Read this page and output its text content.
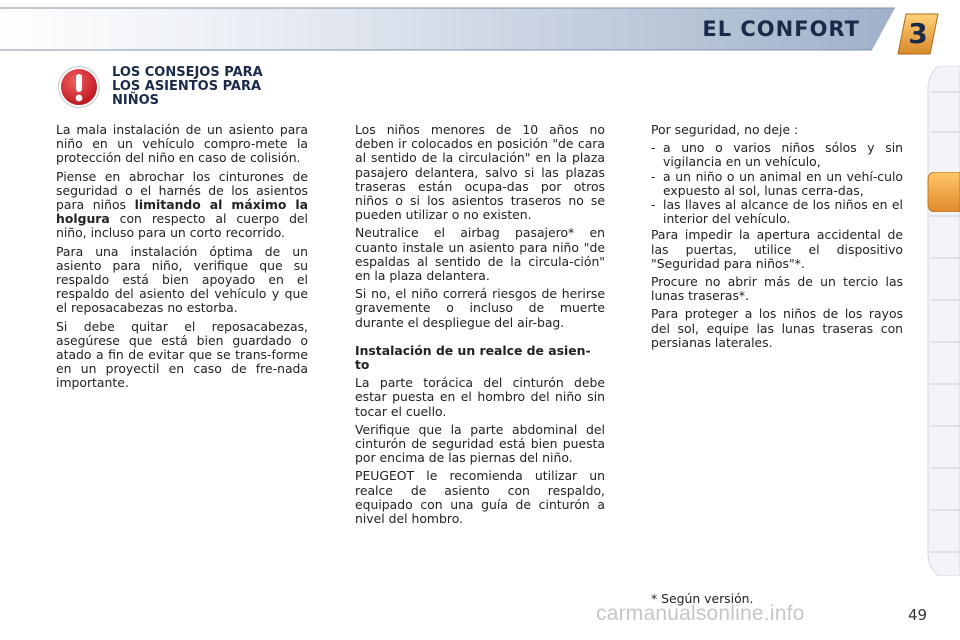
EL CONFORT	3
LOS CONSEJOS PARA
LOS ASIENTOS PARA
NIÑOS

La mala instalación de un asiento para niño en un vehículo compro-mete la protección del niño en caso de colisión.

Piense en abrochar los cinturones de seguridad o el harnés de los asientos para niños limitando al máximo la holgura con respecto al cuerpo del niño, incluso para un corto recorrido.

Para una instalación óptima de un asiento para niño, verifique que su respaldo está bien apoyado en el respaldo del asiento del vehículo y que el reposacabezas no estorba.

Si debe quitar el reposacabezas, asegúrese que está bien guardado o atado a fin de evitar que se trans-forme en un proyectil en caso de fre-nada importante.

Los niños menores de 10 años no deben ir colocados en posición "de cara al sentido de la circulación" en la plaza pasajero delantera, salvo si las plazas traseras están ocupa-das por otros niños o si los asientos traseros no se pueden utilizar o no existen.

Neutralice el airbag pasajero* en cuanto instale un asiento para niño "de espaldas al sentido de la circula-ción" en la plaza delantera.

Si no, el niño correrá riesgos de herirse gravemente o incluso de muerte durante el despliegue del air-bag.

Instalación de un realce de asien-to

La parte torácica del cinturón debe estar puesta en el hombro del niño sin tocar el cuello.

Verifique que la parte abdominal del cinturón de seguridad está bien puesta por encima de las piernas del niño.

PEUGEOT le recomienda utilizar un realce de asiento con respaldo, equipado con una guía de cinturón a nivel del hombro.

Por seguridad, no deje :

- a uno o varios niños sólos y sin vigilancia en un vehículo,

- a un niño o un animal en un vehí-culo expuesto al sol, lunas cerra-das,

- las llaves al alcance de los niños en el interior del vehículo.

Para impedir la apertura accidental de las puertas, utilice el dispositivo "Seguridad para niños"*.

Procure no abrir más de un tercio las lunas traseras*.

Para proteger a los niños de los rayos del sol, equipe las lunas traseras con persianas laterales.

* Según versión.
carmanualsonline.info	49
